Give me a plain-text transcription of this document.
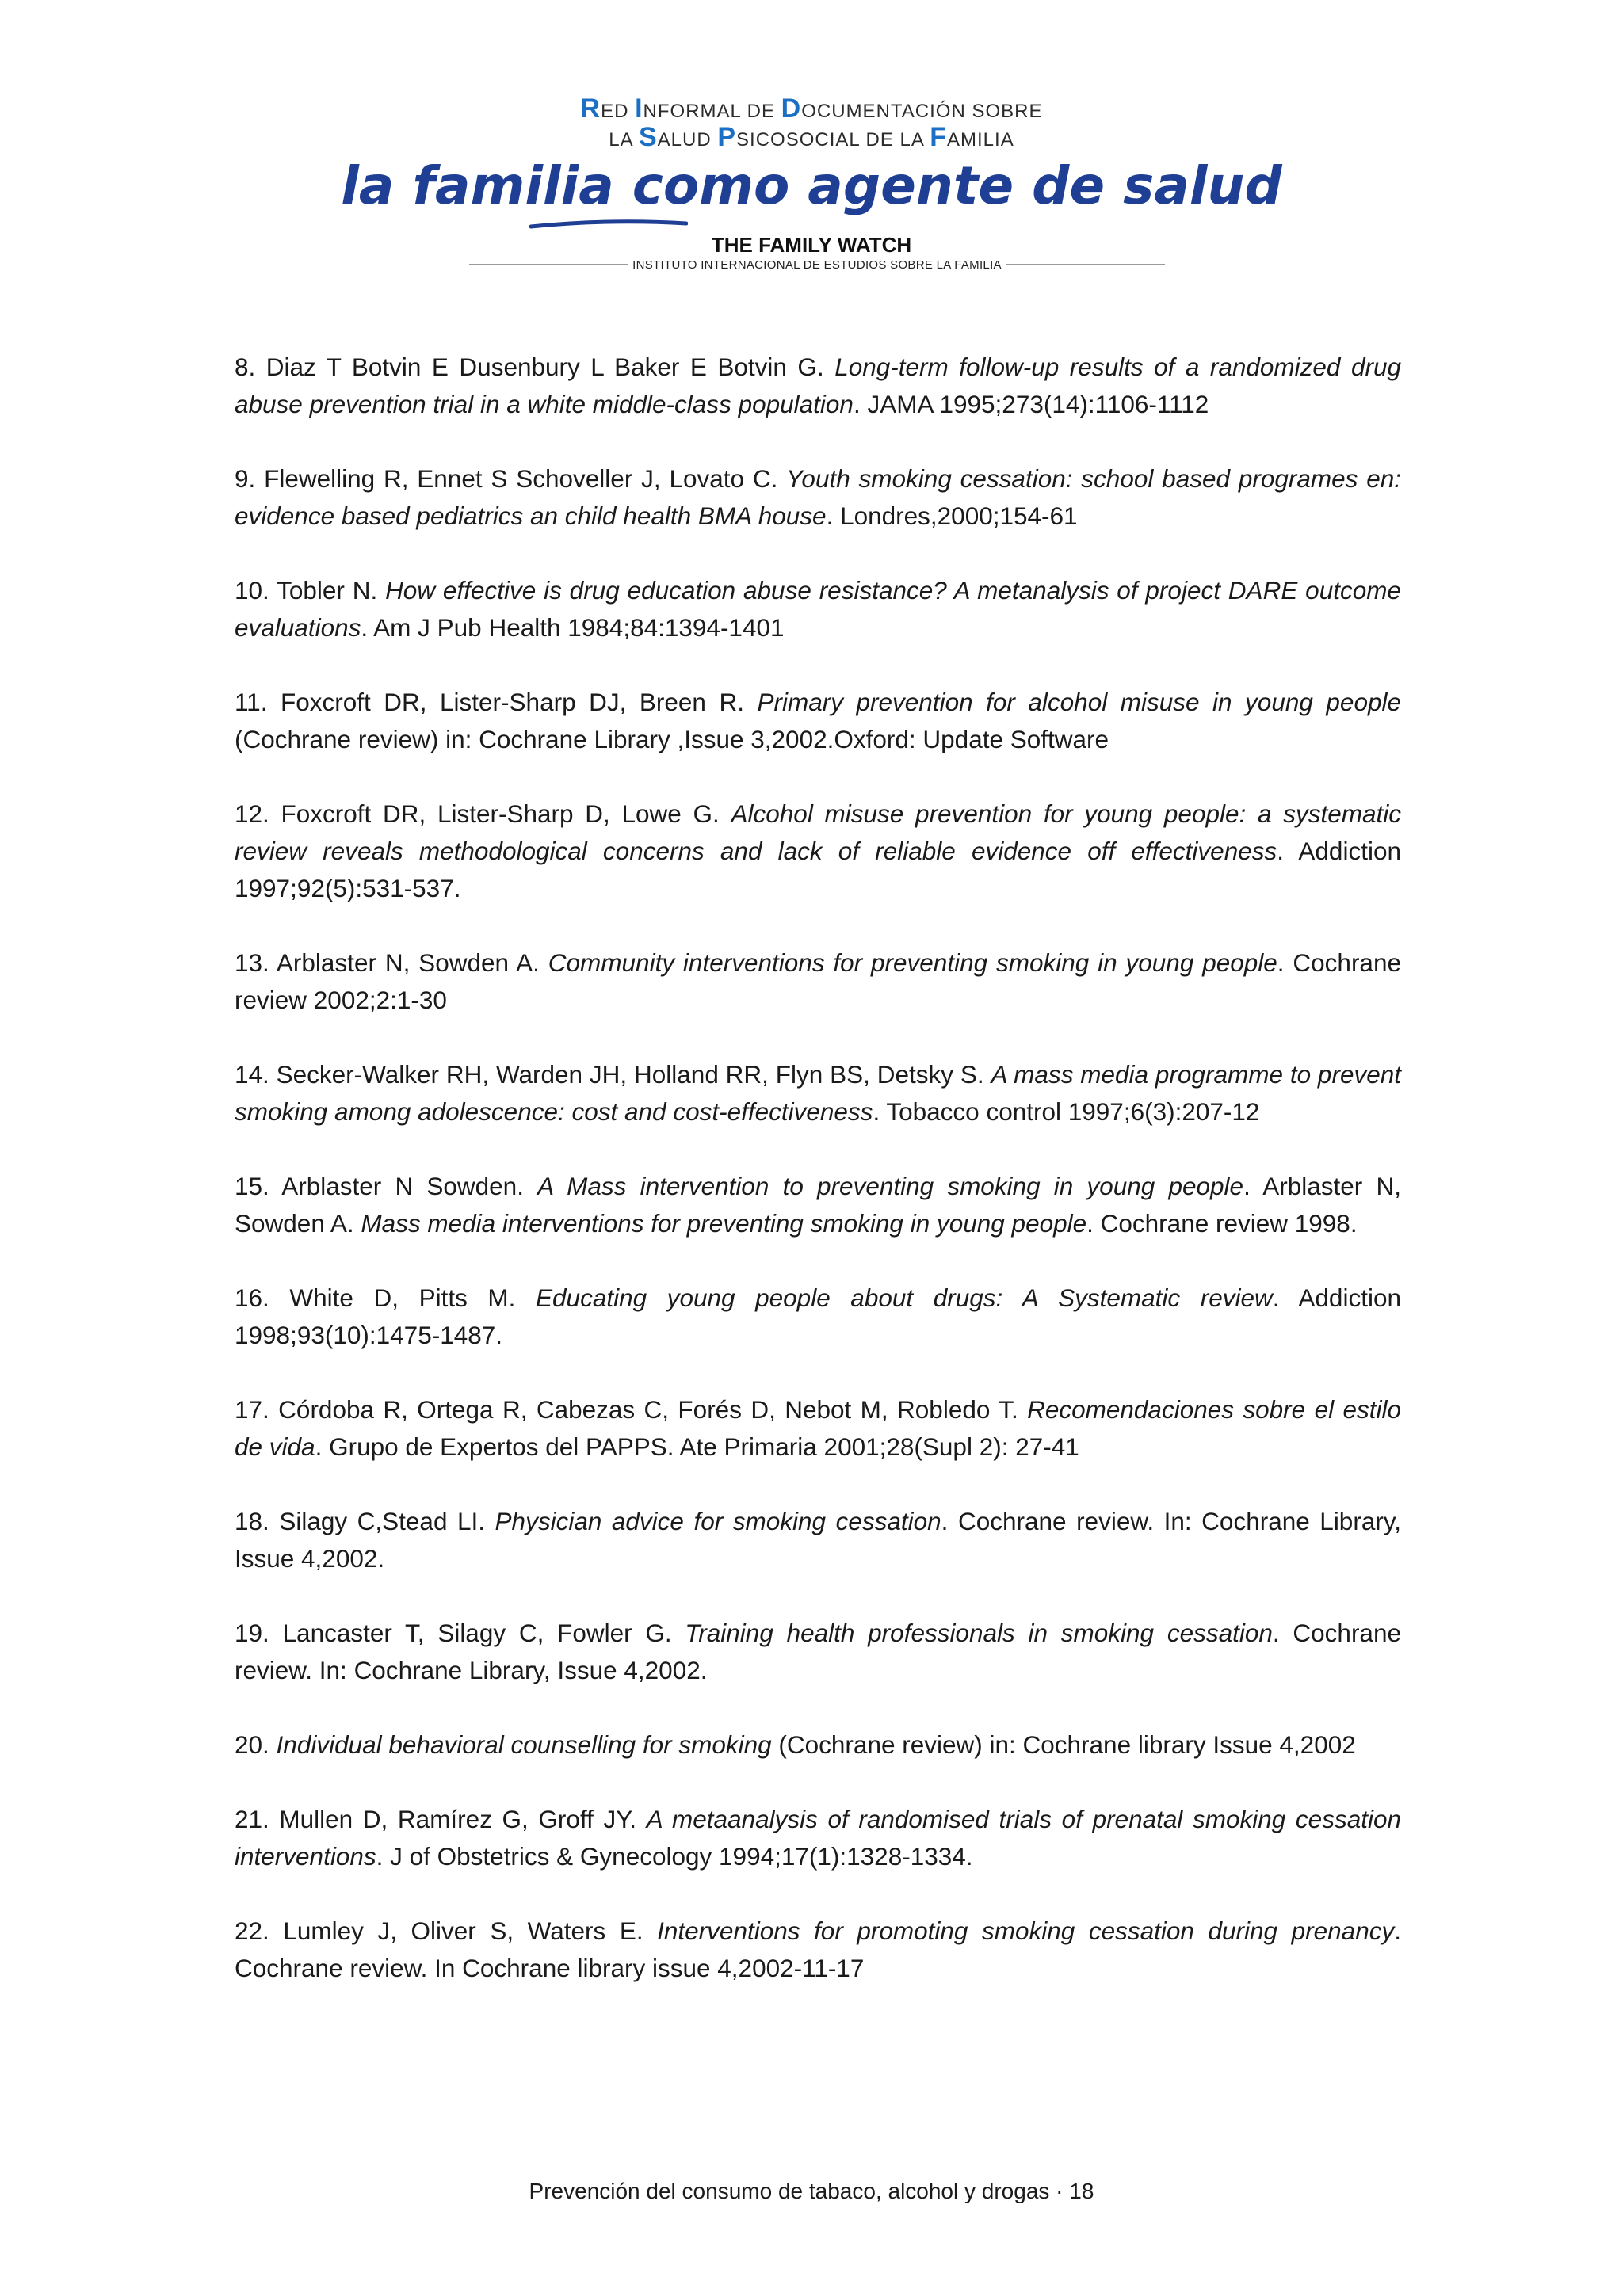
RED INFORMAL DE DOCUMENTACIÓN SOBRE
LA SALUD PSICOSOCIAL DE LA FAMILIA
la familia como agente de salud
THE FAMILY WATCH
INSTITUTO INTERNACIONAL DE ESTUDIOS SOBRE LA FAMILIA

8. Diaz T Botvin E Dusenbury L Baker E Botvin G. Long-term follow-up results of a randomized drug abuse prevention trial in a white middle-class population. JAMA 1995;273(14):1106-1112

9. Flewelling R, Ennet S Schoveller J, Lovato C. Youth smoking cessation: school based programes en: evidence based pediatrics an child health BMA house. Londres,2000;154-61

10. Tobler N. How effective is drug education abuse resistance? A metanalysis of project DARE outcome evaluations. Am J Pub Health 1984;84:1394-1401

11. Foxcroft DR, Lister-Sharp DJ, Breen R. Primary prevention for alcohol misuse in young people (Cochrane review) in: Cochrane Library ,Issue 3,2002.Oxford: Update Software

12. Foxcroft DR, Lister-Sharp D, Lowe G. Alcohol misuse prevention for young people: a systematic review reveals methodological concerns and lack of reliable evidence off effectiveness. Addiction 1997;92(5):531-537.

13. Arblaster N, Sowden A. Community interventions for preventing smoking in young people. Cochrane review 2002;2:1-30

14. Secker-Walker RH, Warden JH, Holland RR, Flyn BS, Detsky S. A mass media programme to prevent smoking among adolescence: cost and cost-effectiveness. Tobacco control 1997;6(3):207-12

15. Arblaster N Sowden. A Mass intervention to preventing smoking in young people. Arblaster N, Sowden A. Mass media interventions for preventing smoking in young people. Cochrane review 1998.

16. White D, Pitts M. Educating young people about drugs: A Systematic review. Addiction 1998;93(10):1475-1487.

17. Córdoba R, Ortega R, Cabezas C, Forés D, Nebot M, Robledo T. Recomendaciones sobre el estilo de vida. Grupo de Expertos del PAPPS. Ate Primaria 2001;28(Supl 2): 27-41

18. Silagy C,Stead LI. Physician advice for smoking cessation. Cochrane review. In: Cochrane Library, Issue 4,2002.

19. Lancaster T, Silagy C, Fowler G. Training health professionals in smoking cessation. Cochrane review. In: Cochrane Library, Issue 4,2002.

20. Individual behavioral counselling for smoking (Cochrane review) in: Cochrane library Issue 4,2002

21. Mullen D, Ramírez G, Groff JY. A metaanalysis of randomised trials of prenatal smoking cessation interventions. J of Obstetrics & Gynecology 1994;17(1):1328-1334.

22. Lumley J, Oliver S, Waters E. Interventions for promoting smoking cessation during prenancy. Cochrane review. In Cochrane library issue 4,2002-11-17

Prevención del consumo de tabaco, alcohol y drogas · 18
